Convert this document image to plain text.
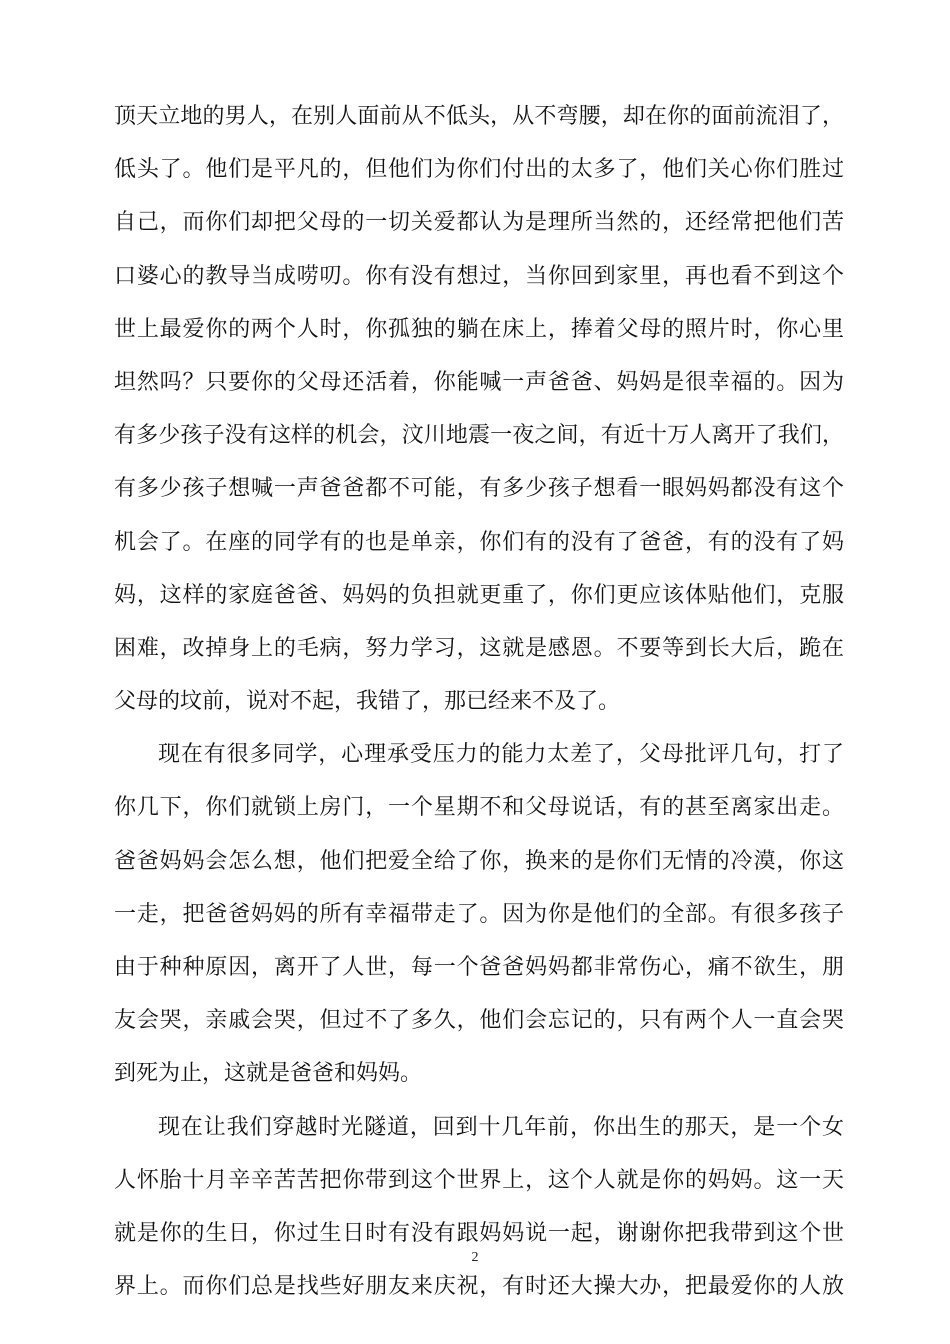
顶天立地的男人，在别人面前从不低头，从不弯腰，却在你的面前流泪了，
低头了。他们是平凡的，但他们为你们付出的太多了，他们关心你们胜过
自己，而你们却把父母的一切关爱都认为是理所当然的，还经常把他们苦
口婆心的教导当成唠叨。你有没有想过，当你回到家里，再也看不到这个
世上最爱你的两个人时，你孤独的躺在床上，捧着父母的照片时，你心里
坦然吗？只要你的父母还活着，你能喊一声爸爸、妈妈是很幸福的。因为
有多少孩子没有这样的机会，汶川地震一夜之间，有近十万人离开了我们，
有多少孩子想喊一声爸爸都不可能，有多少孩子想看一眼妈妈都没有这个
机会了。在座的同学有的也是单亲，你们有的没有了爸爸，有的没有了妈
妈，这样的家庭爸爸、妈妈的负担就更重了，你们更应该体贴他们，克服
困难，改掉身上的毛病，努力学习，这就是感恩。不要等到长大后，跪在
父母的坟前，说对不起，我错了，那已经来不及了。
现在有很多同学，心理承受压力的能力太差了，父母批评几句，打了
你几下，你们就锁上房门，一个星期不和父母说话，有的甚至离家出走。
爸爸妈妈会怎么想，他们把爱全给了你，换来的是你们无情的冷漠，你这
一走，把爸爸妈妈的所有幸福带走了。因为你是他们的全部。有很多孩子
由于种种原因，离开了人世，每一个爸爸妈妈都非常伤心，痛不欲生，朋
友会哭，亲戚会哭，但过不了多久，他们会忘记的，只有两个人一直会哭
到死为止，这就是爸爸和妈妈。
现在让我们穿越时光隧道，回到十几年前，你出生的那天，是一个女
人怀胎十月辛辛苦苦把你带到这个世界上，这个人就是你的妈妈。这一天
就是你的生日，你过生日时有没有跟妈妈说一起，谢谢你把我带到这个世
界上。而你们总是找些好朋友来庆祝，有时还大操大办，把最爱你的人放
2
